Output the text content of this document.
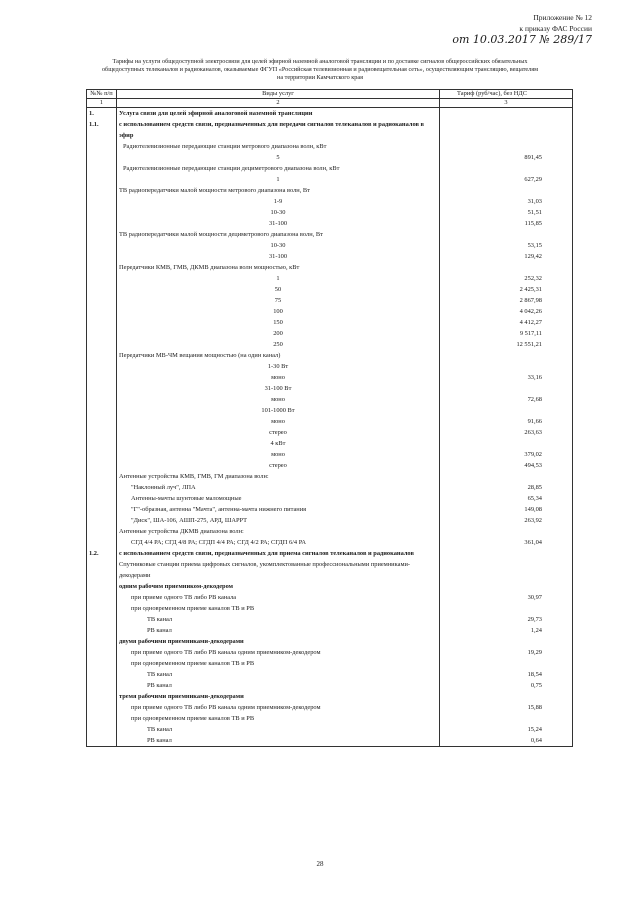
Приложение № 12
к приказу ФАС России
от 10.03.2017 № 289/17
Тарифы на услуги общедоступной электросвязи для целей эфирной наземной аналоговой трансляции и по доставке сигналов общероссийских обязательных общедоступных телеканалов и радиоканалов, оказываемые ФГУП «Российская телевизионная и радиовещательная сеть», осуществляющим трансляцию, вещателям на территории Камчатского края
№№ п/п	Виды услуг	Тариф (руб/час), без НДС
1	2	3
1.	Услуга связи для целей эфирной аналоговой наземной трансляции	
1.1.	с использованием средств связи, предназначенных для передачи сигналов телеканалов и радиоканалов в эфир	
	Радиотелевизионные передающие станции метрового диапазона волн, кВт	
	5	891,45
	Радиотелевизионные передающие станции дециметрового диапазона волн, кВт	
	1	627,29
	ТВ радиопередатчики малой мощности метрового диапазона волн, Вт	
	1-9	31,03
	10-30	51,51
	31-100	115,85
	ТВ радиопередатчики малой мощности дециметрового диапазона волн, Вт	
	10-30	53,15
	31-100	129,42
	Передатчики КМВ, ГМВ, ДКМВ диапазона волн мощностью, кВт	
	1	252,32
	50	2 425,31
	75	2 867,98
	100	4 042,26
	150	4 412,27
	200	9 517,11
	250	12 551,21
	Передатчики МВ-ЧМ вещания мощностью (на один канал)	
	1-30 Вт	
	моно	33,16
	31-100 Вт	
	моно	72,68
	101-1000 Вт	
	моно	91,66
	стерео	263,63
	4 кВт	
	моно	379,02
	стерео	494,53
	Антенные устройства КМВ, ГМВ, ГМ диапазона волн:	
	"Наклонный луч", ЛПА	28,85
	Антенны-мачты шунтовые маломощные	65,34
	"Г"-образная, антенна "Мачта", антенна-мачта нижнего питания	149,08
	"Диск", ША-106, АШП-275, АРД, ШАРРТ	263,92
	Антенные устройства ДКМВ диапазона волн:	
	СГД 4/4 РА; СГД 4/8 РА; СГДП 4/4 РА; СГД 4/2 РА; СГДП 6/4 РА	361,04
1.2.	с использованием средств связи, предназначенных для приема сигналов телеканалов и радиоканалов	
	Спутниковые станции приема цифровых сигналов, укомплектованные профессиональными приемниками-декодерами	
	одним рабочим приемником-декодером	
	при приеме одного ТВ либо РВ канала	30,97
	при одновременном приеме каналов ТВ и РВ	
	ТВ канал	29,73
	РВ канал	1,24
	двумя рабочими приемниками-декодерами	
	при приеме одного ТВ либо РВ канала одним приемником-декодером	19,29
	при одновременном приеме каналов ТВ и РВ	
	ТВ канал	18,54
	РВ канал	0,75
	тремя рабочими приемниками-декодерами	
	при приеме одного ТВ либо РВ канала одним приемником-декодером	15,88
	при одновременном приеме каналов ТВ и РВ	
	ТВ канал	15,24
	РВ канал	0,64
28
